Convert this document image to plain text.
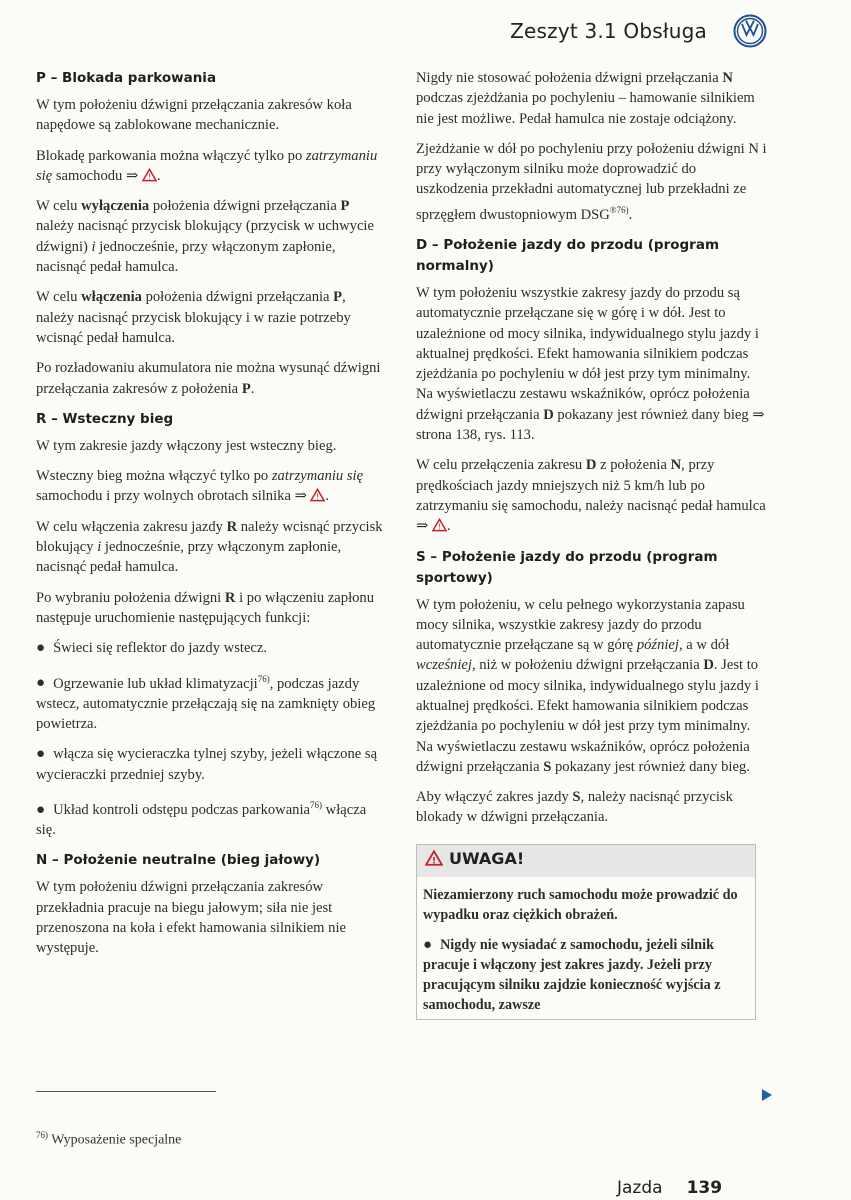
Zeszyt 3.1 Obsługa
P – Blokada parkowania

W tym położeniu dźwigni przełączania zakresów koła napędowe są zablokowane mechanicznie.

Blokadę parkowania można włączyć tylko po zatrzymaniu się samochodu ⇒ ! .

W celu wyłączenia położenia dźwigni przełączania P należy nacisnąć przycisk blokujący (przycisk w uchwycie dźwigni) i jednocześnie, przy włączonym zapłonie, nacisnąć pedał hamulca.

W celu włączenia położenia dźwigni przełączania P, należy nacisnąć przycisk blokujący i w razie potrzeby wcisnąć pedał hamulca.

Po rozładowaniu akumulatora nie można wysunąć dźwigni przełączania zakresów z położenia P.

R – Wsteczny bieg

W tym zakresie jazdy włączony jest wsteczny bieg.

Wsteczny bieg można włączyć tylko po zatrzymaniu się samochodu i przy wolnych obrotach silnika ⇒ ! .

W celu włączenia zakresu jazdy R należy wcisnąć przycisk blokujący i jednocześnie, przy włączonym zapłonie, nacisnąć pedał hamulca.

Po wybraniu położenia dźwigni R i po włączeniu zapłonu następuje uruchomienie następujących funkcji:

● Świeci się reflektor do jazdy wstecz.

● Ogrzewanie lub układ klimatyzacji$^{76)}$, podczas jazdy wstecz, automatycznie przełączają się na zamknięty obieg powietrza.

● włącza się wycieraczka tylnej szyby, jeżeli włączone są wycieraczki przedniej szyby.

● Układ kontroli odstępu podczas parkowania$^{76)}$ włącza się.

N – Położenie neutralne (bieg jałowy)

W tym położeniu dźwigni przełączania zakresów przekładnia pracuje na biegu jałowym; siła nie jest przenoszona na koła i efekt hamowania silnikiem nie występuje.

Nigdy nie stosować położenia dźwigni przełączania N podczas zjeżdżania po pochyleniu – hamowanie silnikiem nie jest możliwe. Pedał hamulca nie zostaje odciążony.

Zjeżdżanie w dół po pochyleniu przy położeniu dźwigni N i przy wyłączonym silniku może doprowadzić do uszkodzenia przekładni automatycznej lub przekładni ze sprzęgłem dwustopniowym $DSG^{®76)}$.

D – Położenie jazdy do przodu (program normalny)

W tym położeniu wszystkie zakresy jazdy do przodu są automatycznie przełączane się w górę i w dół. Jest to uzależnione od mocy silnika, indywidualnego stylu jazdy i aktualnej prędkości. Efekt hamowania silnikiem podczas zjeżdżania po pochyleniu w dół jest przy tym minimalny. Na wyświetlaczu zestawu wskaźników, oprócz położenia dźwigni przełączania D pokazany jest również dany bieg ⇒ strona 138, rys. 113.

W celu przełączenia zakresu D z położenia N, przy prędkościach jazdy mniejszych niż 5 km/h lub po zatrzymaniu się samochodu, należy nacisnąć pedał hamulca ⇒ ! .

S – Położenie jazdy do przodu (program sportowy)

W tym położeniu, w celu pełnego wykorzystania zapasu mocy silnika, wszystkie zakresy jazdy do przodu automatycznie przełączane są w górę później, a w dół wcześniej, niż w położeniu dźwigni przełączania D. Jest to uzależnione od mocy silnika, indywidualnego stylu jazdy i aktualnej prędkości. Efekt hamowania silnikiem podczas zjeżdżania po pochyleniu w dół jest przy tym minimalny. Na wyświetlaczu zestawu wskaźników, oprócz położenia dźwigni przełączania S pokazany jest również dany bieg.

Aby włączyć zakres jazdy S, należy nacisnąć przycisk blokady w dźwigni przełączania.

! UWAGA!

Niezamierzony ruch samochodu może prowadzić do wypadku oraz ciężkich obrażeń.

● Nigdy nie wysiadać z samochodu, jeżeli silnik pracuje i włączony jest zakres jazdy. Jeżeli przy pracującym silniku zajdzie konieczność wyjścia z samochodu, zawsze

$^{76)}$ Wyposażenie specjalne
Jazda 139
